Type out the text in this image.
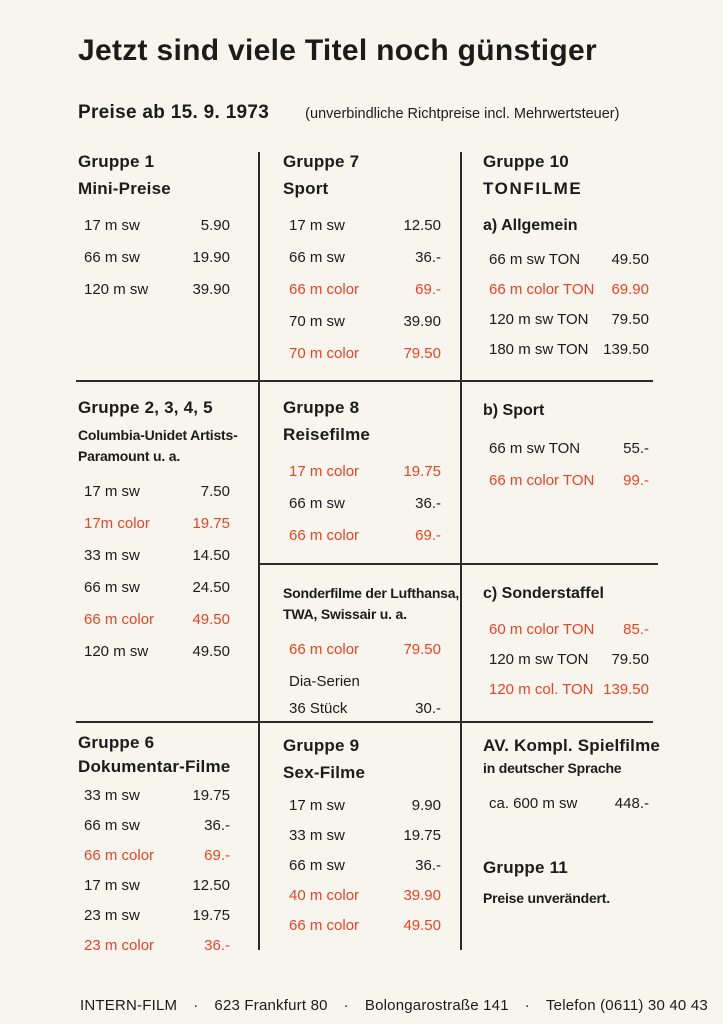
Jetzt sind viele Titel noch günstiger
Preise ab 15. 9. 1973 (unverbindliche Richtpreise incl. Mehrwertsteuer)
Gruppe 1
Mini-Preise
17 m sw	5.90
66 m sw	19.90
120 m sw	39.90
Gruppe 2, 3, 4, 5

Columbia-Unidet Artists-

Paramount u. a.

17 m sw	7.50
17m color	19.75
33 m sw	14.50
66 m sw	24.50
66 m color	49.50
120 m sw	49.50
Gruppe 6
Dokumentar-Filme
33 m sw	19.75
66 m sw	36.-
66 m color	69.-
17 m sw	12.50
23 m sw	19.75
23 m color	36.-
Gruppe 7
Sport
17 m sw	12.50
66 m sw	36.-
66 m color	69.-
70 m sw	39.90
70 m color	79.50
Gruppe 8
Reisefilme
17 m color	19.75
66 m sw	36.-
66 m color	69.-

Sonderfilme der Lufthansa,

TWA, Swissair u. a.

66 m color	79.50
Dia-Serien
36 Stück	30.-
Gruppe 9
Sex-Filme
17 m sw	9.90
33 m sw	19.75
66 m sw	36.-
40 m color	39.90
66 m color	49.50
Gruppe 10
TONFILME
a) Allgemein
66 m sw TON 49.50
66 m color TON 69.90
120 m sw TON 79.50
180 m sw TON 139.50
b) Sport
66 m sw TON	55.-
66 m color TON 99.-
c) Sonderstaffel
60 m color TON 85.-
120 m sw TON 79.50
120 m col. TON 139.50
AV. Kompl. Spielfilme

in deutscher Sprache

ca. 600 m sw 448.-
Gruppe 11

Preise unverändert.

INTERN-FILM · 623 Frankfurt 80 · Bolongarostraße 141 · Telefon (0611) 30 40 43
